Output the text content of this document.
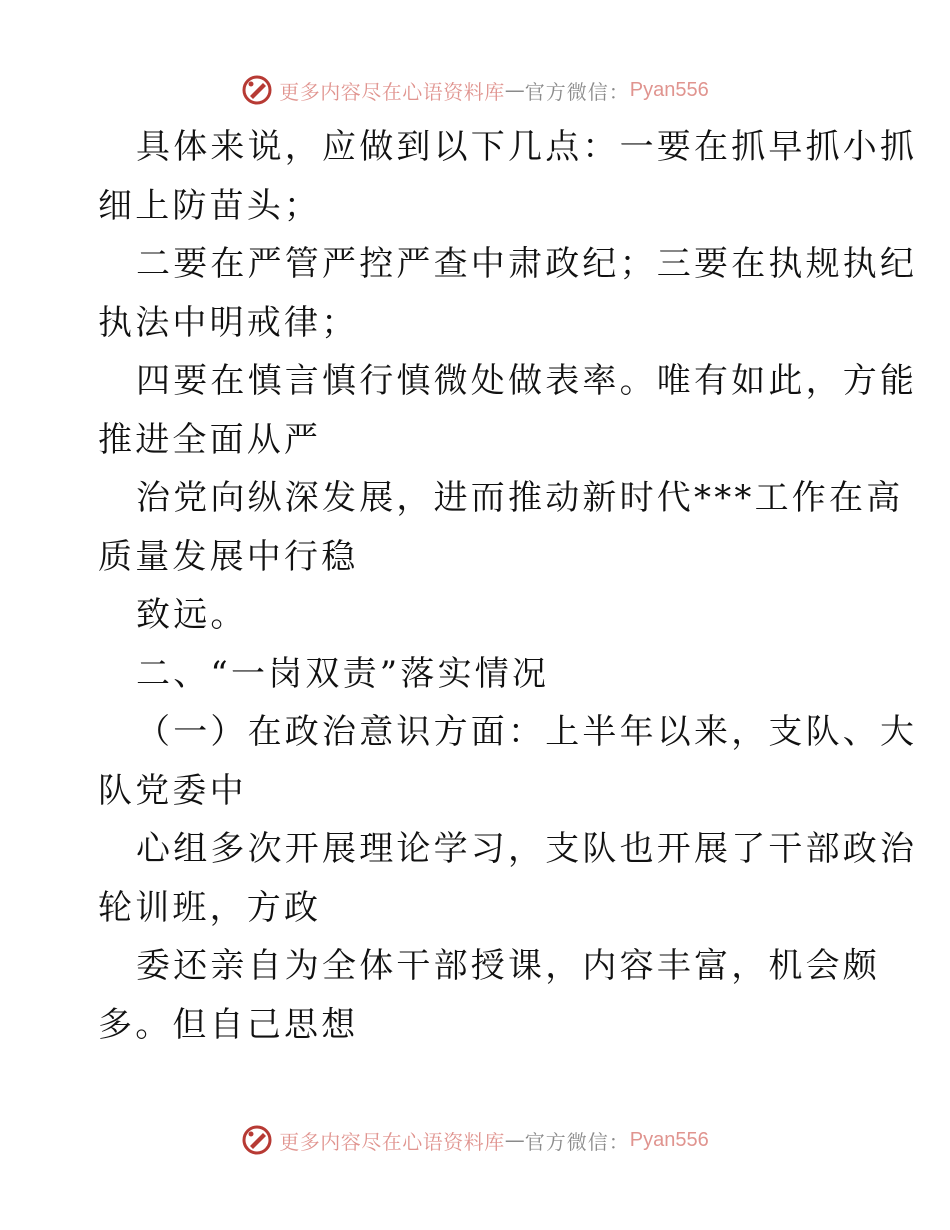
更多内容尽在心语资料库 — 官方微信： Pyan556
具体来说，应做到以下几点：一要在抓早抓小抓
细上防苗头；
二要在严管严控严查中肃政纪；三要在执规执纪
执法中明戒律；
四要在慎言慎行慎微处做表率。唯有如此，方能
推进全面从严
治党向纵深发展，进而推动新时代***工作在高
质量发展中行稳
致远。
二、“一岗双责”落实情况
（一）在政治意识方面：上半年以来，支队、大
队党委中
心组多次开展理论学习，支队也开展了干部政治
轮训班，方政
委还亲自为全体干部授课，内容丰富，机会颇
多。但自己思想
更多内容尽在心语资料库 — 官方微信： Pyan556
